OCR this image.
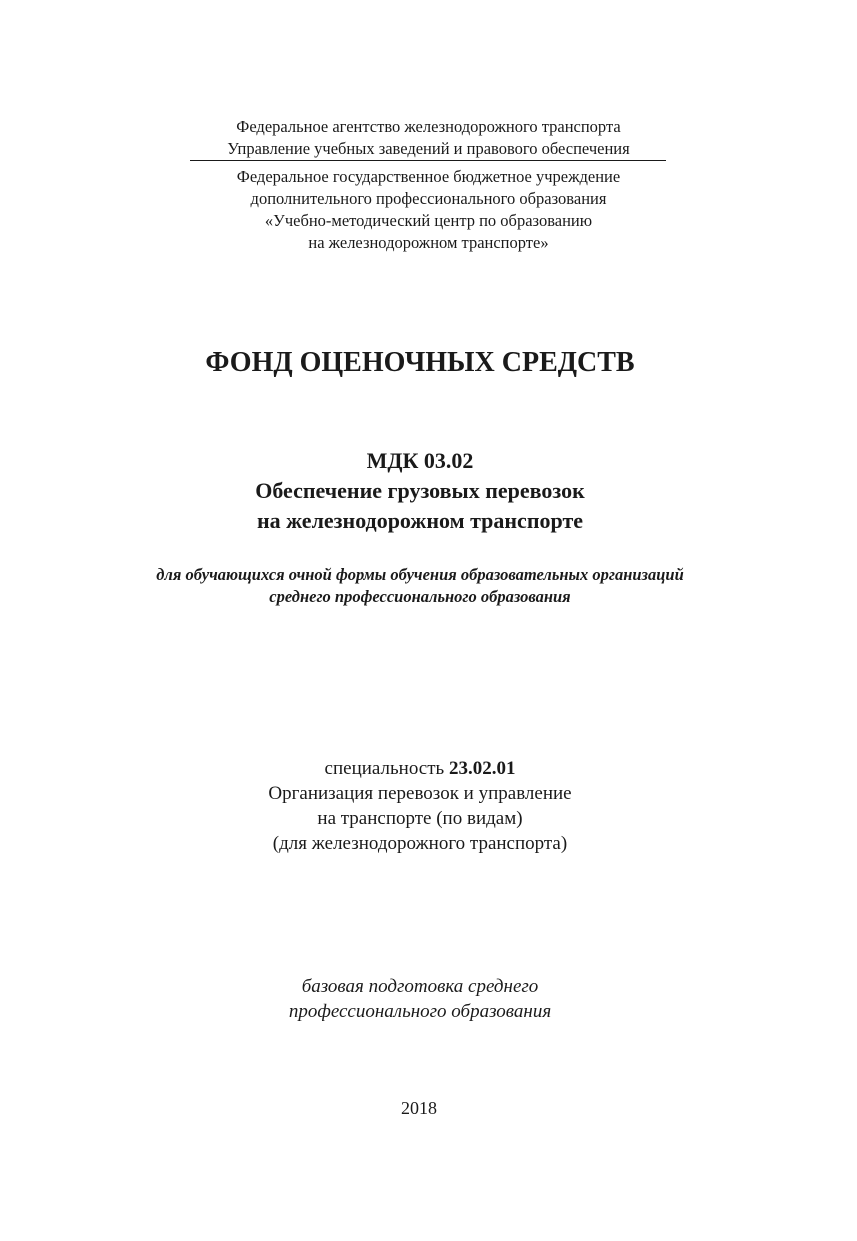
Федеральное агентство железнодорожного транспорта
Управление учебных заведений и правового обеспечения
Федеральное государственное бюджетное учреждение
дополнительного профессионального образования
«Учебно-методический центр по образованию
на железнодорожном транспорте»
ФОНД ОЦЕНОЧНЫХ СРЕДСТВ
МДК 03.02
Обеспечение грузовых перевозок
на железнодорожном транспорте
для обучающихся очной формы обучения образовательных организаций
среднего профессионального образования
специальность 23.02.01
Организация перевозок и управление
на транспорте (по видам)
(для железнодорожного транспорта)
базовая подготовка среднего
профессионального образования
2018
